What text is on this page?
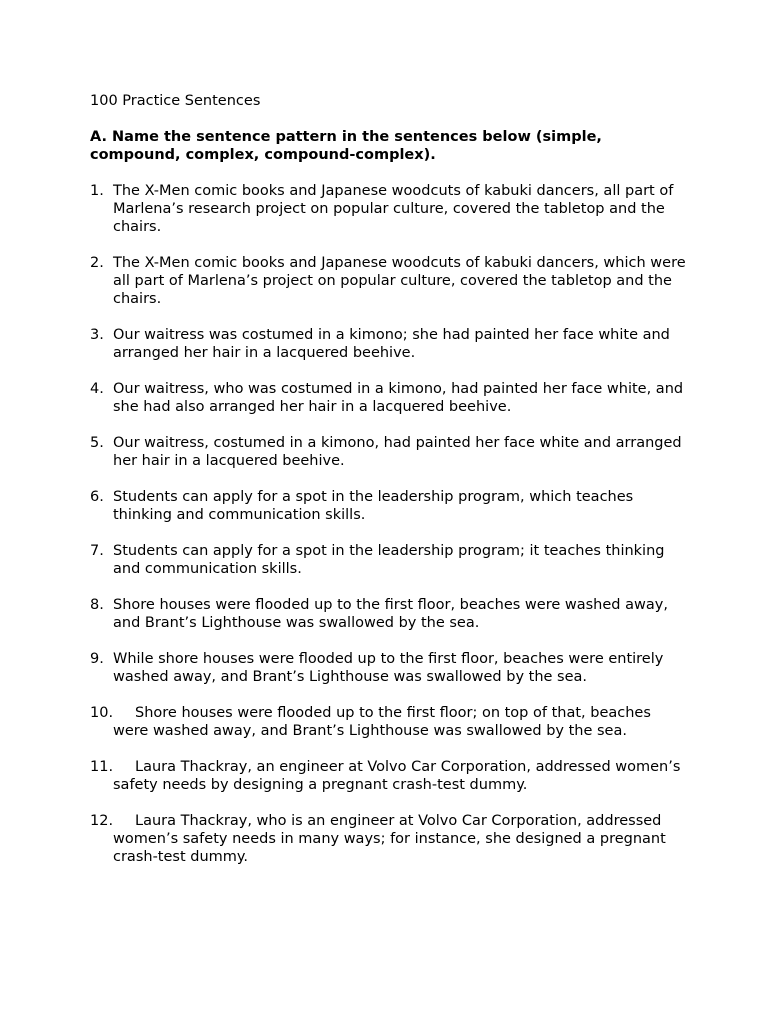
100 Practice Sentences
A. Name the sentence pattern in the sentences below (simple, compound, complex, compound-complex).
1. The X-Men comic books and Japanese woodcuts of kabuki dancers, all part of Marlena’s research project on popular culture, covered the tabletop and the chairs.
2. The X-Men comic books and Japanese woodcuts of kabuki dancers, which were all part of Marlena’s project on popular culture, covered the tabletop and the chairs.
3. Our waitress was costumed in a kimono; she had painted her face white and arranged her hair in a lacquered beehive.
4. Our waitress, who was costumed in a kimono, had painted her face white, and she had also arranged her hair in a lacquered beehive.
5. Our waitress, costumed in a kimono, had painted her face white and arranged her hair in a lacquered beehive.
6. Students can apply for a spot in the leadership program, which teaches thinking and communication skills.
7. Students can apply for a spot in the leadership program; it teaches thinking and communication skills.
8. Shore houses were flooded up to the first floor, beaches were washed away, and Brant’s Lighthouse was swallowed by the sea.
9. While shore houses were flooded up to the first floor, beaches were entirely washed away, and Brant’s Lighthouse was swallowed by the sea.
10. Shore houses were flooded up to the first floor; on top of that, beaches were washed away, and Brant’s Lighthouse was swallowed by the sea.
11. Laura Thackray, an engineer at Volvo Car Corporation, addressed women’s safety needs by designing a pregnant crash-test dummy.
12. Laura Thackray, who is an engineer at Volvo Car Corporation, addressed women’s safety needs in many ways; for instance, she designed a pregnant crash-test dummy.
